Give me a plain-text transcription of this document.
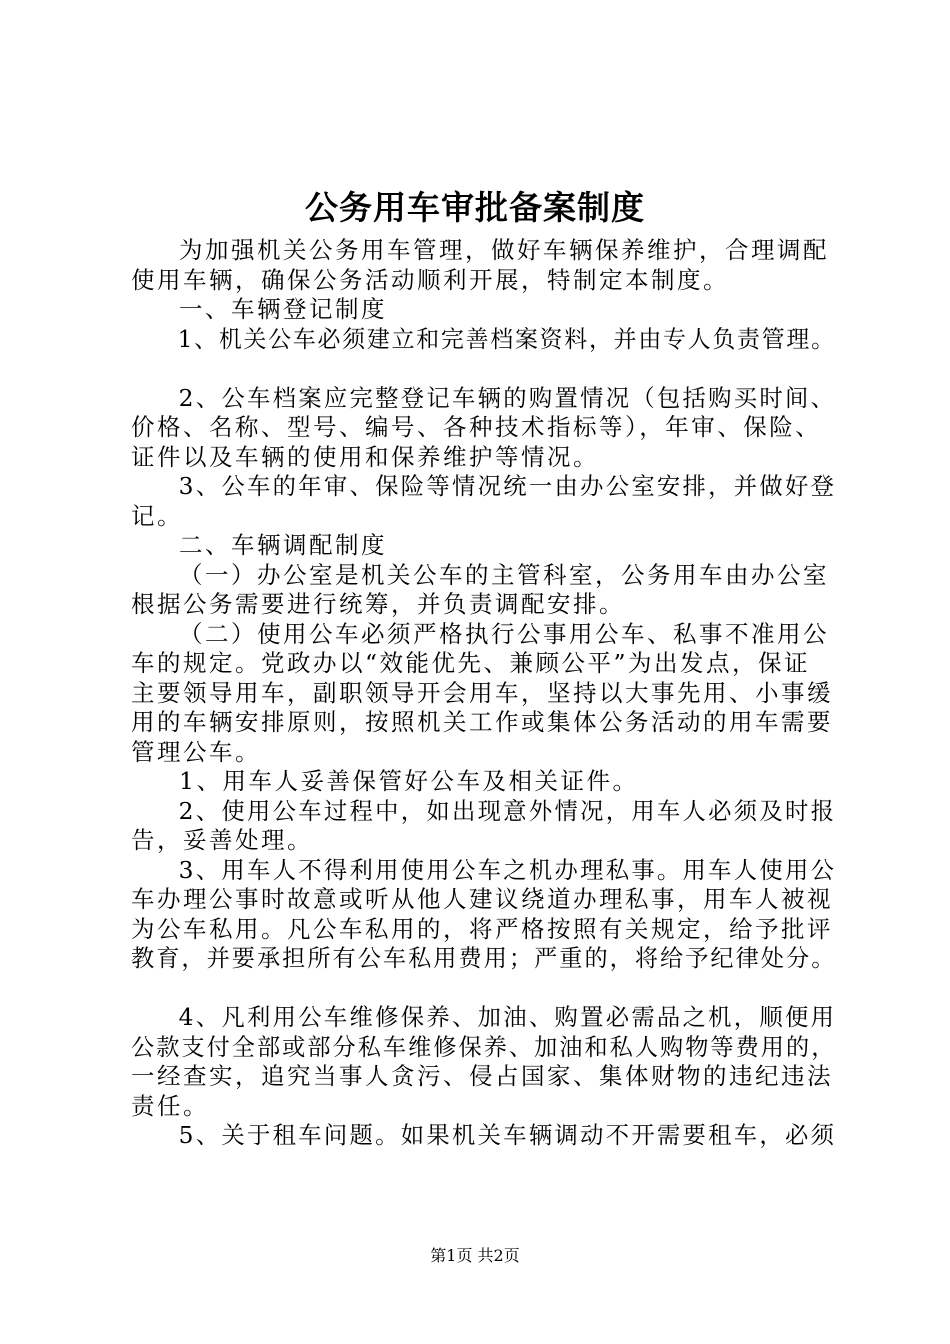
公务用车审批备案制度
为加强机关公务用车管理，做好车辆保养维护，合理调配
使用车辆，确保公务活动顺利开展，特制定本制度。
一、车辆登记制度
1、机关公车必须建立和完善档案资料，并由专人负责管理。
2、公车档案应完整登记车辆的购置情况（包括购买时间、
价格、名称、型号、编号、各种技术指标等），年审、保险、
证件以及车辆的使用和保养维护等情况。
3、公车的年审、保险等情况统一由办公室安排，并做好登
记。
二、车辆调配制度
（一）办公室是机关公车的主管科室，公务用车由办公室
根据公务需要进行统筹，并负责调配安排。
（二）使用公车必须严格执行公事用公车、私事不准用公
车的规定。党政办以“效能优先、兼顾公平”为出发点，保证
主要领导用车，副职领导开会用车，坚持以大事先用、小事缓
用的车辆安排原则，按照机关工作或集体公务活动的用车需要
管理公车。
1、用车人妥善保管好公车及相关证件。
2、使用公车过程中，如出现意外情况，用车人必须及时报
告，妥善处理。
3、用车人不得利用使用公车之机办理私事。用车人使用公
车办理公事时故意或听从他人建议绕道办理私事，用车人被视
为公车私用。凡公车私用的，将严格按照有关规定，给予批评
教育，并要承担所有公车私用费用；严重的，将给予纪律处分。
4、凡利用公车维修保养、加油、购置必需品之机，顺便用
公款支付全部或部分私车维修保养、加油和私人购物等费用的，
一经查实，追究当事人贪污、侵占国家、集体财物的违纪违法
责任。
5、关于租车问题。如果机关车辆调动不开需要租车，必须
第1页 共2页
